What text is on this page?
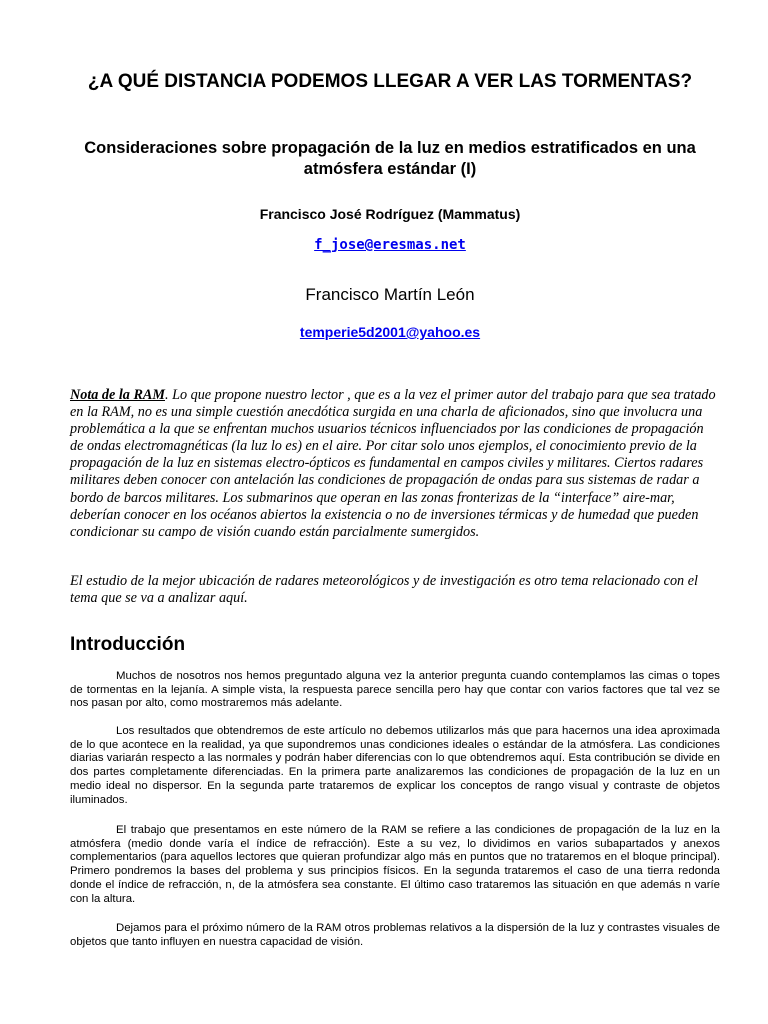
¿A QUÉ DISTANCIA PODEMOS LLEGAR A VER LAS TORMENTAS?
Consideraciones sobre propagación de la luz en medios estratificados en una atmósfera estándar (I)
Francisco José Rodríguez (Mammatus)
f_jose@eresmas.net
Francisco Martín León
temperie5d2001@yahoo.es

Nota de la RAM. Lo que propone nuestro lector , que es a la vez el primer autor del trabajo para que sea tratado en la RAM, no es una simple cuestión anecdótica surgida en una charla de aficionados, sino que involucra una problemática a la que se enfrentan muchos usuarios técnicos influenciados por las condiciones de propagación de ondas electromagnéticas (la luz lo es) en el aire. Por citar solo unos ejemplos, el conocimiento previo de la propagación de la luz en sistemas electro-ópticos es fundamental en campos civiles y militares. Ciertos radares militares deben conocer con antelación las condiciones de propagación de ondas para sus sistemas de radar a bordo de barcos militares. Los submarinos que operan en las zonas fronterizas de la “interface” aire-mar, deberían conocer en los océanos abiertos la existencia o no de inversiones térmicas y de humedad que pueden condicionar su campo de visión cuando están parcialmente sumergidos.

El estudio de la mejor ubicación de radares meteorológicos y de investigación es otro tema relacionado con el tema que se va a analizar aquí.

Introducción

Muchos de nosotros nos hemos preguntado alguna vez la anterior pregunta cuando contemplamos las cimas o topes de tormentas en la lejanía. A simple vista, la respuesta parece sencilla pero hay que contar con varios factores que tal vez se nos pasan por alto, como mostraremos más adelante.

Los resultados que obtendremos de este artículo no debemos utilizarlos más que para hacernos una idea aproximada de lo que acontece en la realidad, ya que supondremos unas condiciones ideales o estándar de la atmósfera. Las condiciones diarias variarán respecto a las normales y podrán haber diferencias con lo que obtendremos aquí. Esta contribución se divide en dos partes completamente diferenciadas. En la primera parte analizaremos las condiciones de propagación de la luz en un medio ideal no dispersor. En la segunda parte trataremos de explicar los conceptos de rango visual y contraste de objetos iluminados.

El trabajo que presentamos en este número de la RAM se refiere a las condiciones de propagación de la luz en la atmósfera (medio donde varía el índice de refracción). Este a su vez, lo dividimos en varios subapartados y anexos complementarios (para aquellos lectores que quieran profundizar algo más en puntos que no trataremos en el bloque principal). Primero pondremos la bases del problema y sus principios físicos. En la segunda trataremos el caso de una tierra redonda donde el índice de refracción, n, de la atmósfera sea constante. El último caso trataremos las situación en que además n varíe con la altura.

Dejamos para el próximo número de la RAM otros problemas relativos a la dispersión de la luz y contrastes visuales de objetos que tanto influyen en nuestra capacidad de visión.
